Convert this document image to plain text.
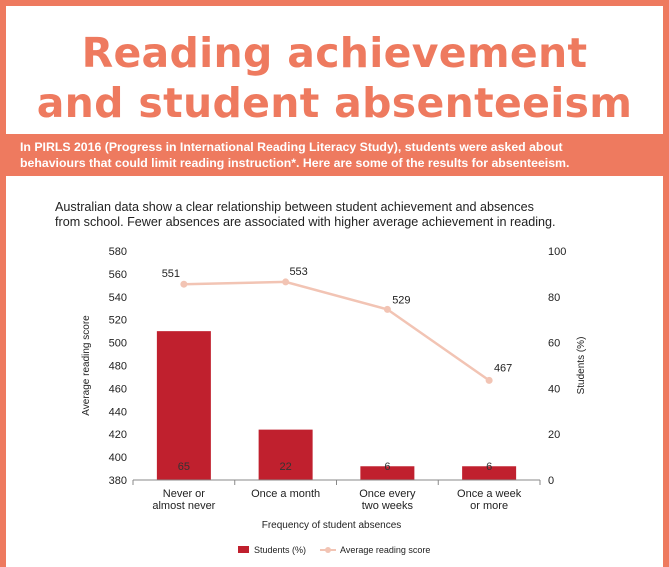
Reading achievement
and student absenteeism
In PIRLS 2016 (Progress in International Reading Literacy Study), students were asked about
behaviours that could limit reading instruction*. Here are some of the results for absenteeism.
Australian data show a clear relationship between student achievement and absences
from school. Fewer absences are associated with higher average achievement in reading.
380
400
420
440
460
480
500
520
540
560
580
0
20
40
60
80
100
65	22	6	6
Never or
almost never
Once a month	Once every
two weeks
Once a week
or more
551	553
529
467
Average reading score	Students (%)
Frequency of student absences
Students (%)	Average reading score
